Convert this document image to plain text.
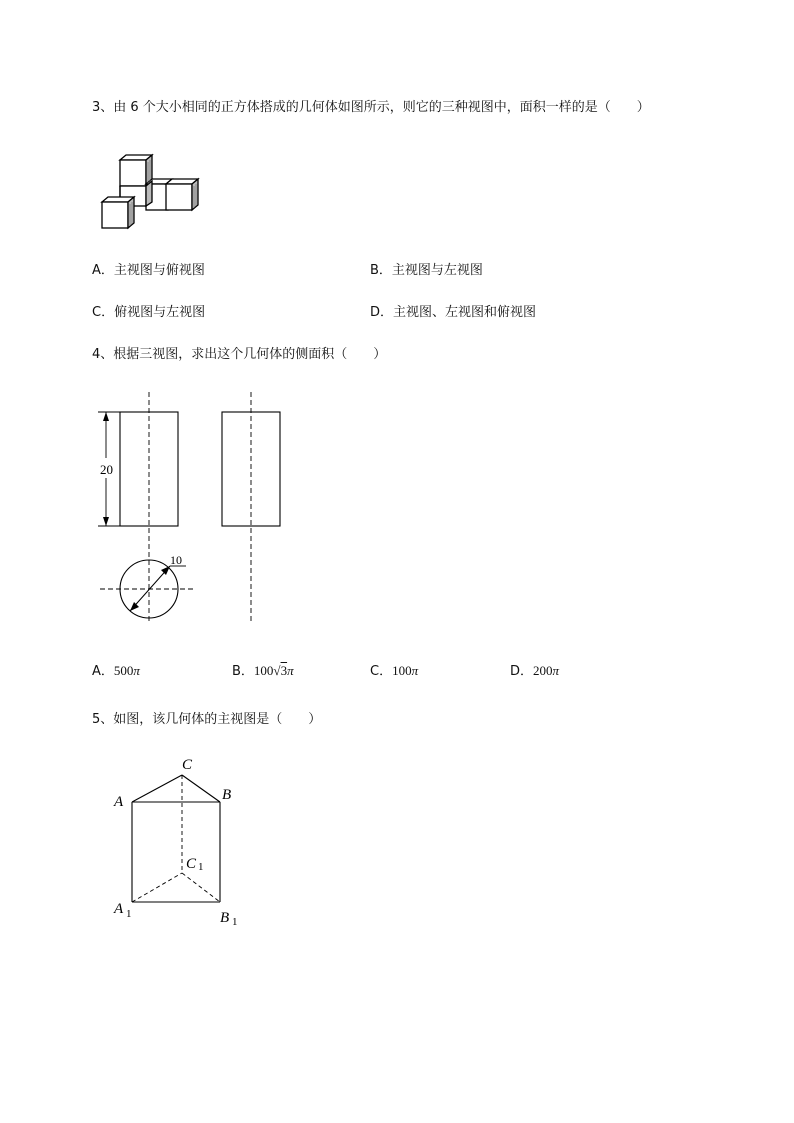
3、由 6 个大小相同的正方体搭成的几何体如图所示，则它的三种视图中，面积一样的是（　　）
A．主视图与俯视图	B．主视图与左视图
C．俯视图与左视图	D．主视图、左视图和俯视图
4、根据三视图，求出这个几何体的侧面积（　　）
20
10
A．500π	B．100√3π	C．100π	D．200π
5、如图，该几何体的主视图是（　　）
C
A	B
C 1
A 1	B 1
